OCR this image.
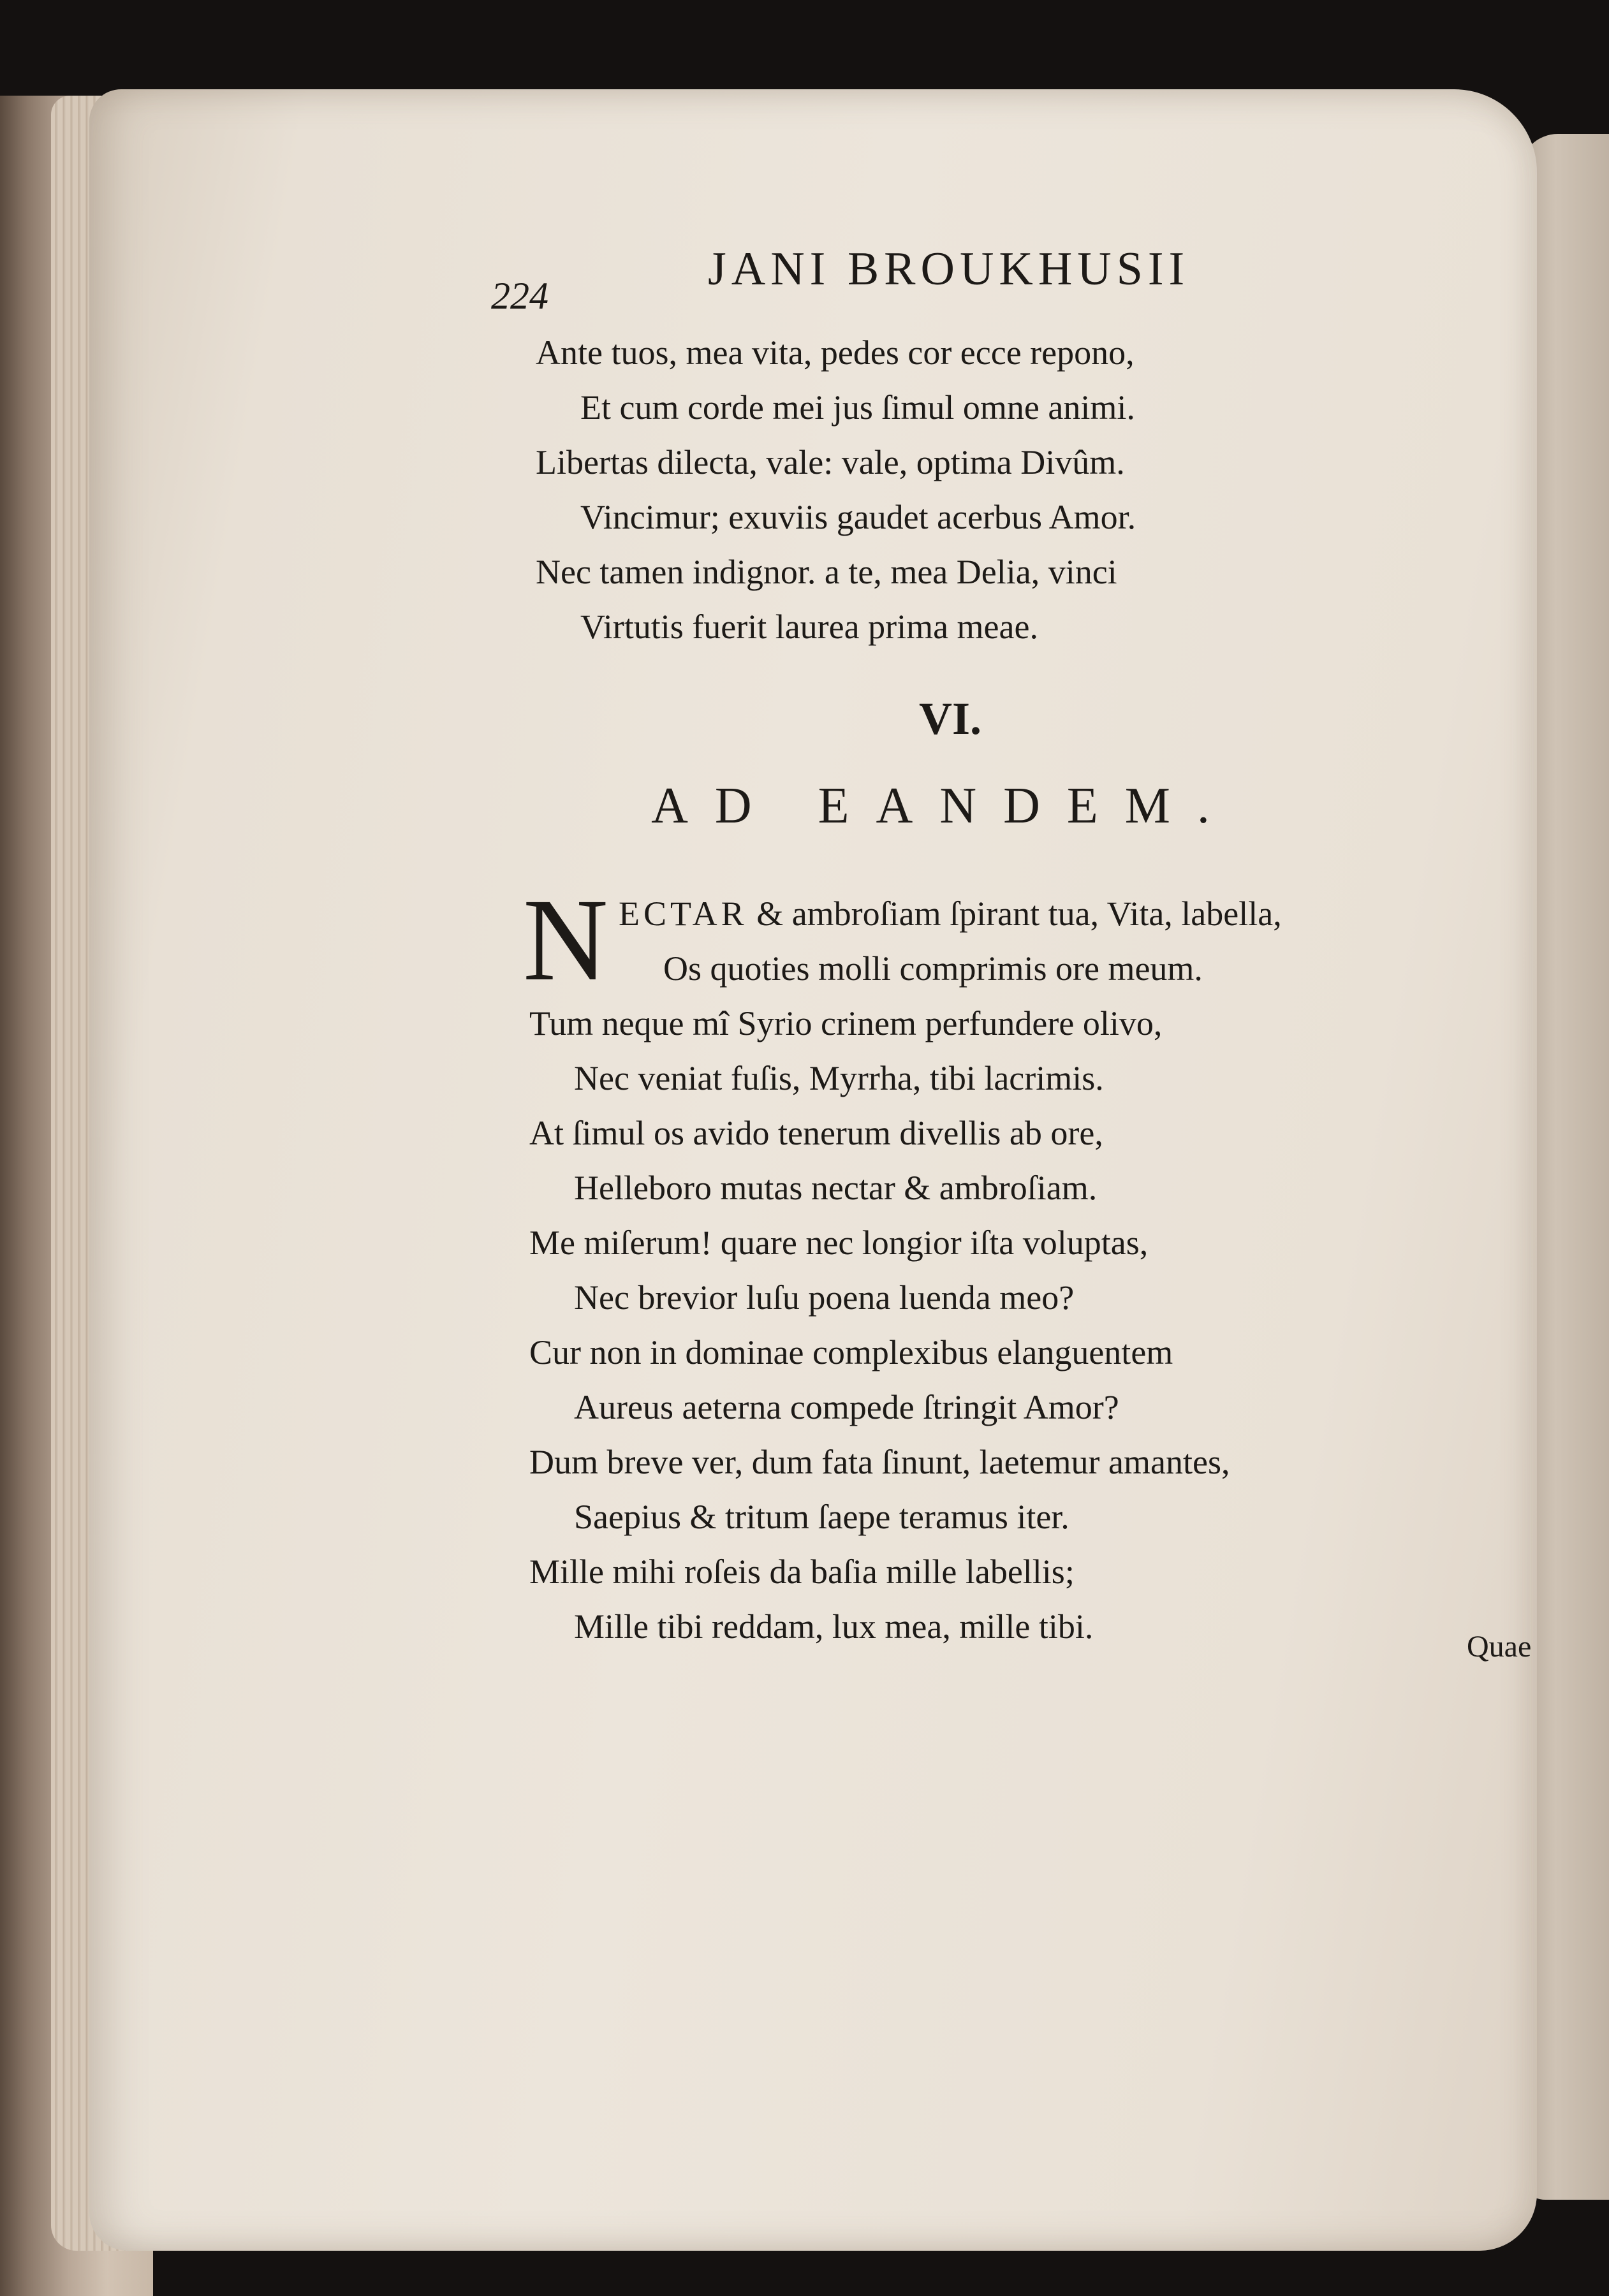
224
JANI BROUKHUSII
Ante tuos, mea vita, pedes cor ecce repono,
Et cum corde mei jus ſimul omne animi.
Libertas dilecta, vale: vale, optima Divûm.
Vincimur; exuviis gaudet acerbus Amor.
Nec tamen indignor. a te, mea Delia, vinci
Virtutis fuerit laurea prima meae.
VI.
AD EANDEM.
N ECTAR & ambroſiam ſpirant tua, Vita, labella,
Os quoties molli comprimis ore meum.
Tum neque mî Syrio crinem perfundere olivo,
Nec veniat fuſis, Myrrha, tibi lacrimis.
At ſimul os avido tenerum divellis ab ore,
Helleboro mutas nectar & ambroſiam.
Me miſerum! quare nec longior iſta voluptas,
Nec brevior luſu poena luenda meo?
Cur non in dominae complexibus elanguentem
Aureus aeterna compede ſtringit Amor?
Dum breve ver, dum fata ſinunt, laetemur amantes,
Saepius & tritum ſaepe teramus iter.
Mille mihi roſeis da baſia mille labellis;
Mille tibi reddam, lux mea, mille tibi.
Quae
